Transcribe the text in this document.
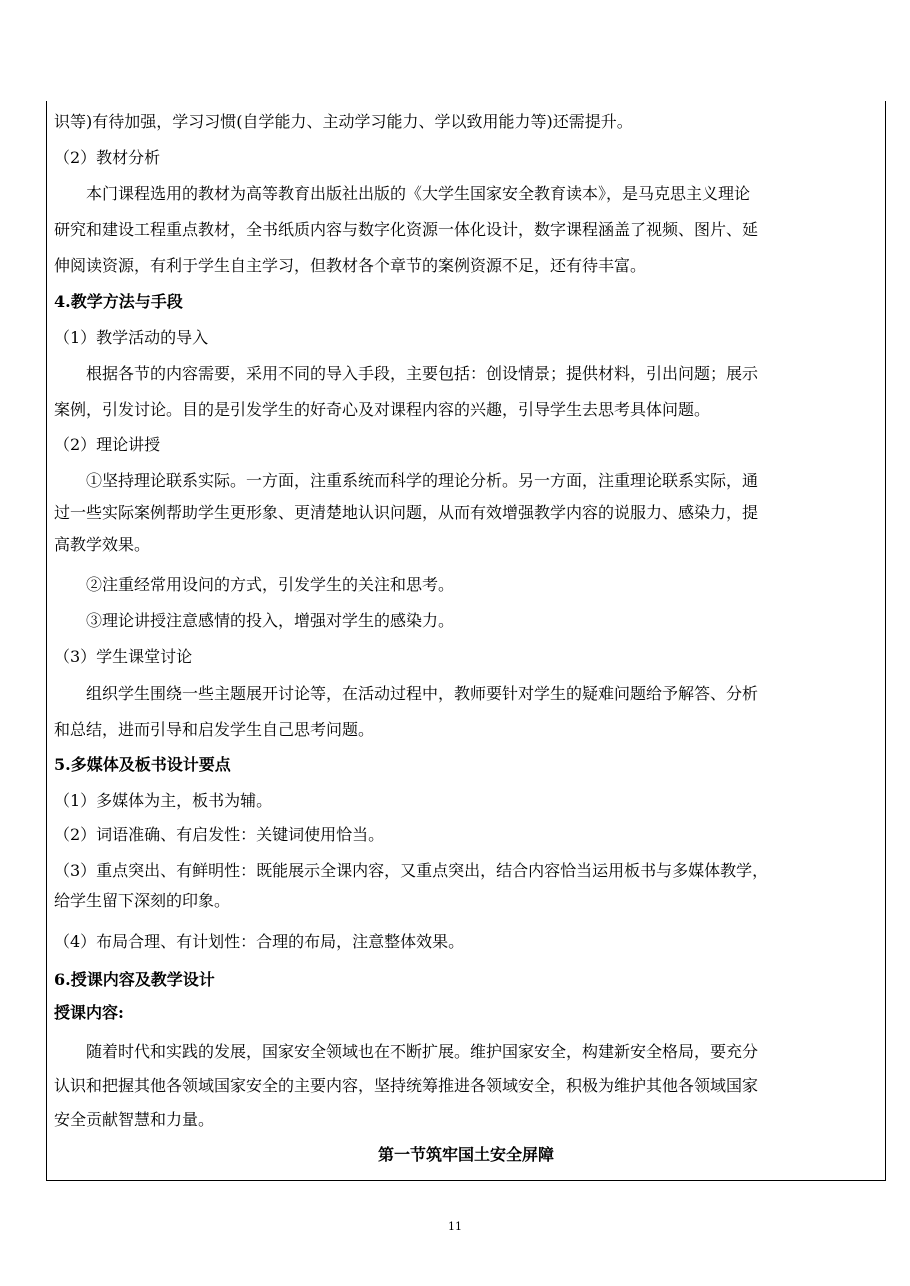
识等)有待加强，学习习惯(自学能力、主动学习能力、学以致用能力等)还需提升。
（2）教材分析
　　本门课程选用的教材为高等教育出版社出版的《大学生国家安全教育读本》，是马克思主义理论
研究和建设工程重点教材，全书纸质内容与数字化资源一体化设计，数字课程涵盖了视频、图片、延
伸阅读资源，有利于学生自主学习，但教材各个章节的案例资源不足，还有待丰富。
4.教学方法与手段
（1）教学活动的导入
　　根据各节的内容需要，采用不同的导入手段，主要包括：创设情景；提供材料，引出问题；展示
案例，引发讨论。目的是引发学生的好奇心及对课程内容的兴趣，引导学生去思考具体问题。
（2）理论讲授
　　①坚持理论联系实际。一方面，注重系统而科学的理论分析。另一方面，注重理论联系实际，通
过一些实际案例帮助学生更形象、更清楚地认识问题，从而有效增强教学内容的说服力、感染力，提
高教学效果。
　　②注重经常用设问的方式，引发学生的关注和思考。
　　③理论讲授注意感情的投入，增强对学生的感染力。
（3）学生课堂讨论
　　组织学生围绕一些主题展开讨论等，在活动过程中，教师要针对学生的疑难问题给予解答、分析
和总结，进而引导和启发学生自己思考问题。
5.多媒体及板书设计要点
（1）多媒体为主，板书为辅。
（2）词语准确、有启发性：关键词使用恰当。
（3）重点突出、有鲜明性：既能展示全课内容，又重点突出，结合内容恰当运用板书与多媒体教学，
给学生留下深刻的印象。
（4）布局合理、有计划性：合理的布局，注意整体效果。
6.授课内容及教学设计
授课内容:
　　随着时代和实践的发展，国家安全领域也在不断扩展。维护国家安全，构建新安全格局，要充分
认识和把握其他各领域国家安全的主要内容，坚持统筹推进各领域安全，积极为维护其他各领域国家
安全贡献智慧和力量。
第一节筑牢国土安全屏障
11
